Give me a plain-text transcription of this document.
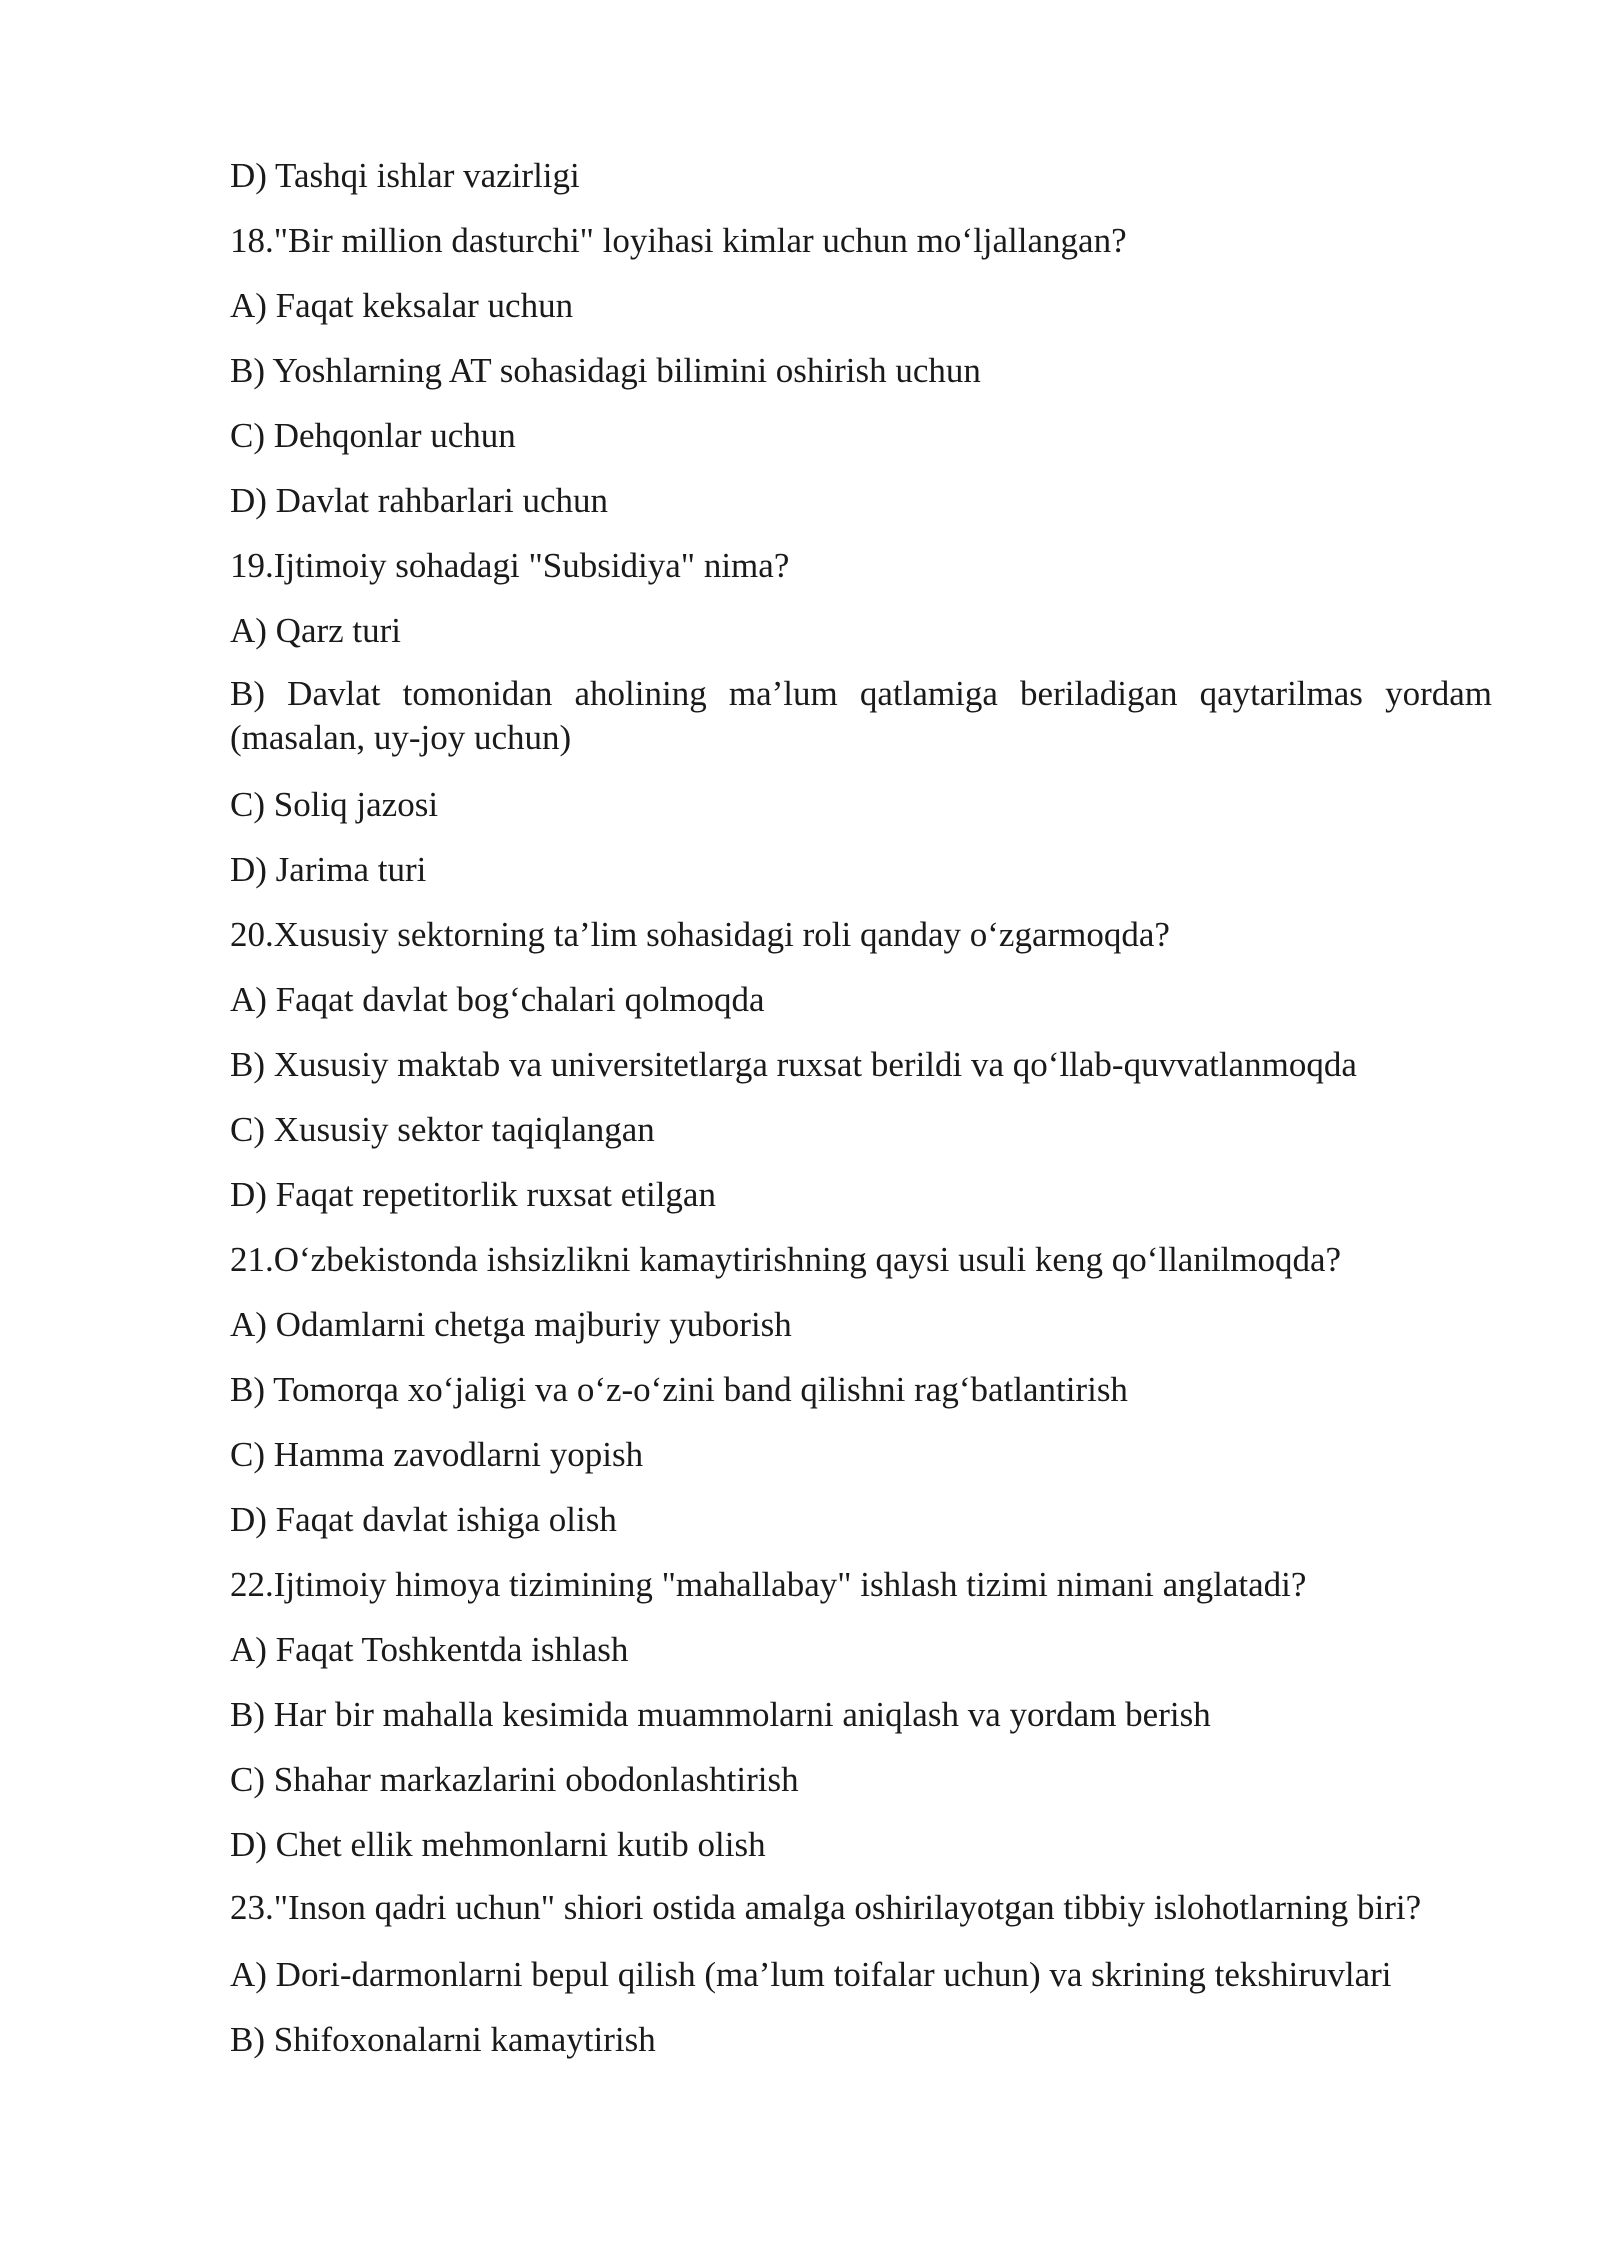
D) Tashqi ishlar vazirligi
18."Bir million dasturchi" loyihasi kimlar uchun mo‘ljallangan?
A) Faqat keksalar uchun
B) Yoshlarning AT sohasidagi bilimini oshirish uchun
C) Dehqonlar uchun
D) Davlat rahbarlari uchun
19.Ijtimoiy sohadagi "Subsidiya" nima?
A) Qarz turi
B) Davlat tomonidan aholining ma’lum qatlamiga beriladigan qaytarilmas yordam (masalan, uy-joy uchun)
C) Soliq jazosi
D) Jarima turi
20.Xususiy sektorning ta’lim sohasidagi roli qanday o‘zgarmoqda?
A) Faqat davlat bog‘chalari qolmoqda
B) Xususiy maktab va universitetlarga ruxsat berildi va qo‘llab-quvvatlanmoqda
C) Xususiy sektor taqiqlangan
D) Faqat repetitorlik ruxsat etilgan
21.O‘zbekistonda ishsizlikni kamaytirishning qaysi usuli keng qo‘llanilmoqda?
A) Odamlarni chetga majburiy yuborish
B) Tomorqa xo‘jaligi va o‘z-o‘zini band qilishni rag‘batlantirish
C) Hamma zavodlarni yopish
D) Faqat davlat ishiga olish
22.Ijtimoiy himoya tizimining "mahallabay" ishlash tizimi nimani anglatadi?
A) Faqat Toshkentda ishlash
B) Har bir mahalla kesimida muammolarni aniqlash va yordam berish
C) Shahar markazlarini obodonlashtirish
D) Chet ellik mehmonlarni kutib olish
23."Inson qadri uchun" shiori ostida amalga oshirilayotgan tibbiy islohotlarning biri?
A) Dori-darmonlarni bepul qilish (ma’lum toifalar uchun) va skrining tekshiruvlari
B) Shifoxonalarni kamaytirish
